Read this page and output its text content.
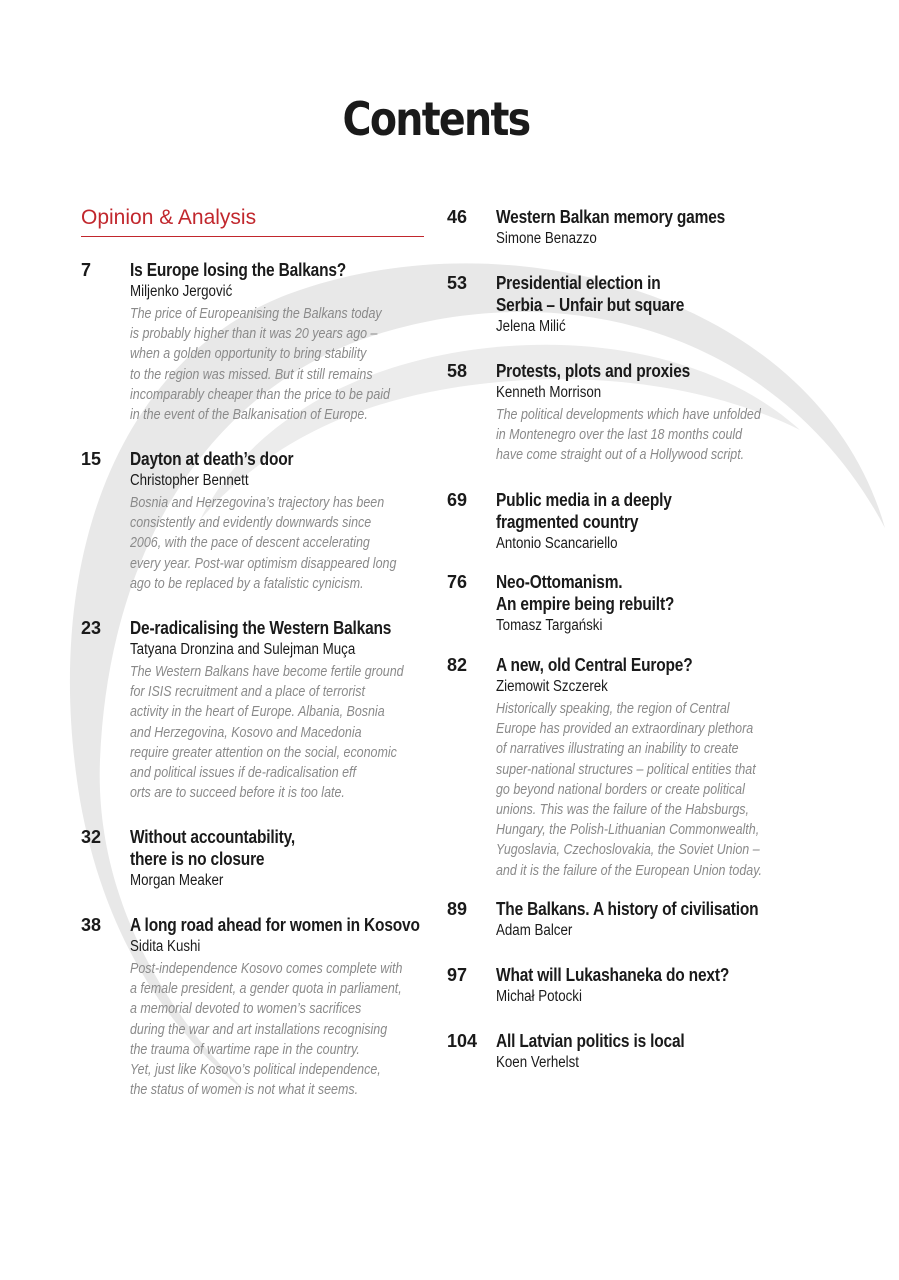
Contents
Opinion & Analysis
7 Is Europe losing the Balkans?
Miljenko Jergović
The price of Europeanising the Balkans today
is probably higher than it was 20 years ago –
when a golden opportunity to bring stability
to the region was missed. But it still remains
incomparably cheaper than the price to be paid
in the event of the Balkanisation of Europe.
15 Dayton at death’s door
Christopher Bennett
Bosnia and Herzegovina’s trajectory has been
consistently and evidently downwards since
2006, with the pace of descent accelerating
every year. Post-war optimism disappeared long
ago to be replaced by a fatalistic cynicism.
23 De-radicalising the Western Balkans
Tatyana Dronzina and Sulejman Muça
The Western Balkans have become fertile ground
for ISIS recruitment and a place of terrorist
activity in the heart of Europe. Albania, Bosnia
and Herzegovina, Kosovo and Macedonia
require greater attention on the social, economic
and political issues if de-radicalisation eff
orts are to succeed before it is too late.
32 Without accountability,
there is no closure
Morgan Meaker
38 A long road ahead for women in Kosovo
Sidita Kushi
Post-independence Kosovo comes complete with
a female president, a gender quota in parliament,
a memorial devoted to women’s sacrifices
during the war and art installations recognising
the trauma of wartime rape in the country.
Yet, just like Kosovo’s political independence,
the status of women is not what it seems.
46 Western Balkan memory games
Simone Benazzo
53 Presidential election in
Serbia – Unfair but square
Jelena Milić
58 Protests, plots and proxies
Kenneth Morrison
The political developments which have unfolded
in Montenegro over the last 18 months could
have come straight out of a Hollywood script.
69 Public media in a deeply
fragmented country
Antonio Scancariello
76 Neo-Ottomanism.
An empire being rebuilt?
Tomasz Targański
82 A new, old Central Europe?
Ziemowit Szczerek
Historically speaking, the region of Central
Europe has provided an extraordinary plethora
of narratives illustrating an inability to create
super-national structures – political entities that
go beyond national borders or create political
unions. This was the failure of the Habsburgs,
Hungary, the Polish-Lithuanian Commonwealth,
Yugoslavia, Czechoslovakia, the Soviet Union –
and it is the failure of the European Union today.
89 The Balkans. A history of civilisation
Adam Balcer
97 What will Lukashaneka do next?
Michał Potocki
104 All Latvian politics is local
Koen Verhelst
